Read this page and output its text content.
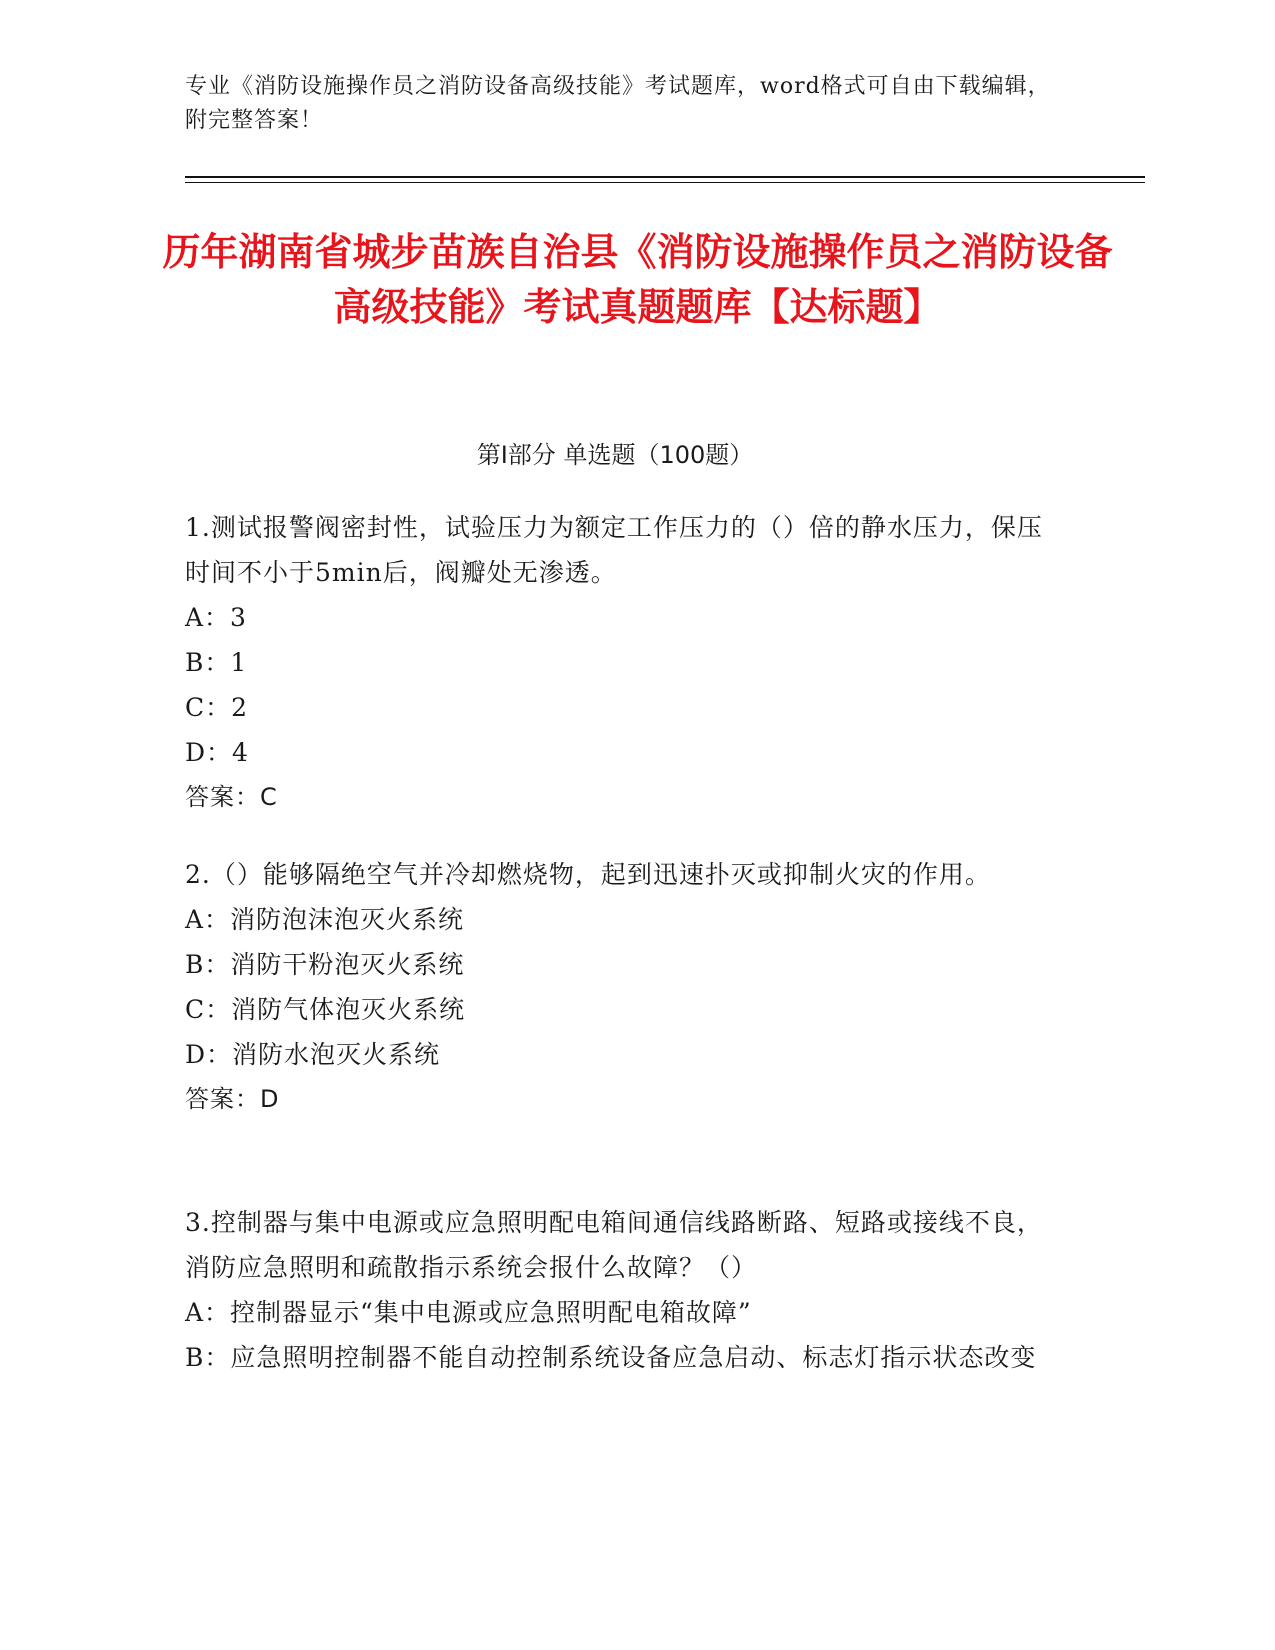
专业《消防设施操作员之消防设备高级技能》考试题库，word格式可自由下载编辑，附完整答案！
历年湖南省城步苗族自治县《消防设施操作员之消防设备高级技能》考试真题题库【达标题】
第Ⅰ部分 单选题（100题）

1.测试报警阀密封性，试验压力为额定工作压力的（）倍的静水压力，保压时间不小于5min后，阀瓣处无渗透。

A：3

B：1

C：2

D：4

答案：C

2.（）能够隔绝空气并冷却燃烧物，起到迅速扑灭或抑制火灾的作用。

A：消防泡沫泡灭火系统

B：消防干粉泡灭火系统

C：消防气体泡灭火系统

D：消防水泡灭火系统

答案：D

3.控制器与集中电源或应急照明配电箱间通信线路断路、短路或接线不良，消防应急照明和疏散指示系统会报什么故障？（）

A：控制器显示“集中电源或应急照明配电箱故障”

B：应急照明控制器不能自动控制系统设备应急启动、标志灯指示状态改变
